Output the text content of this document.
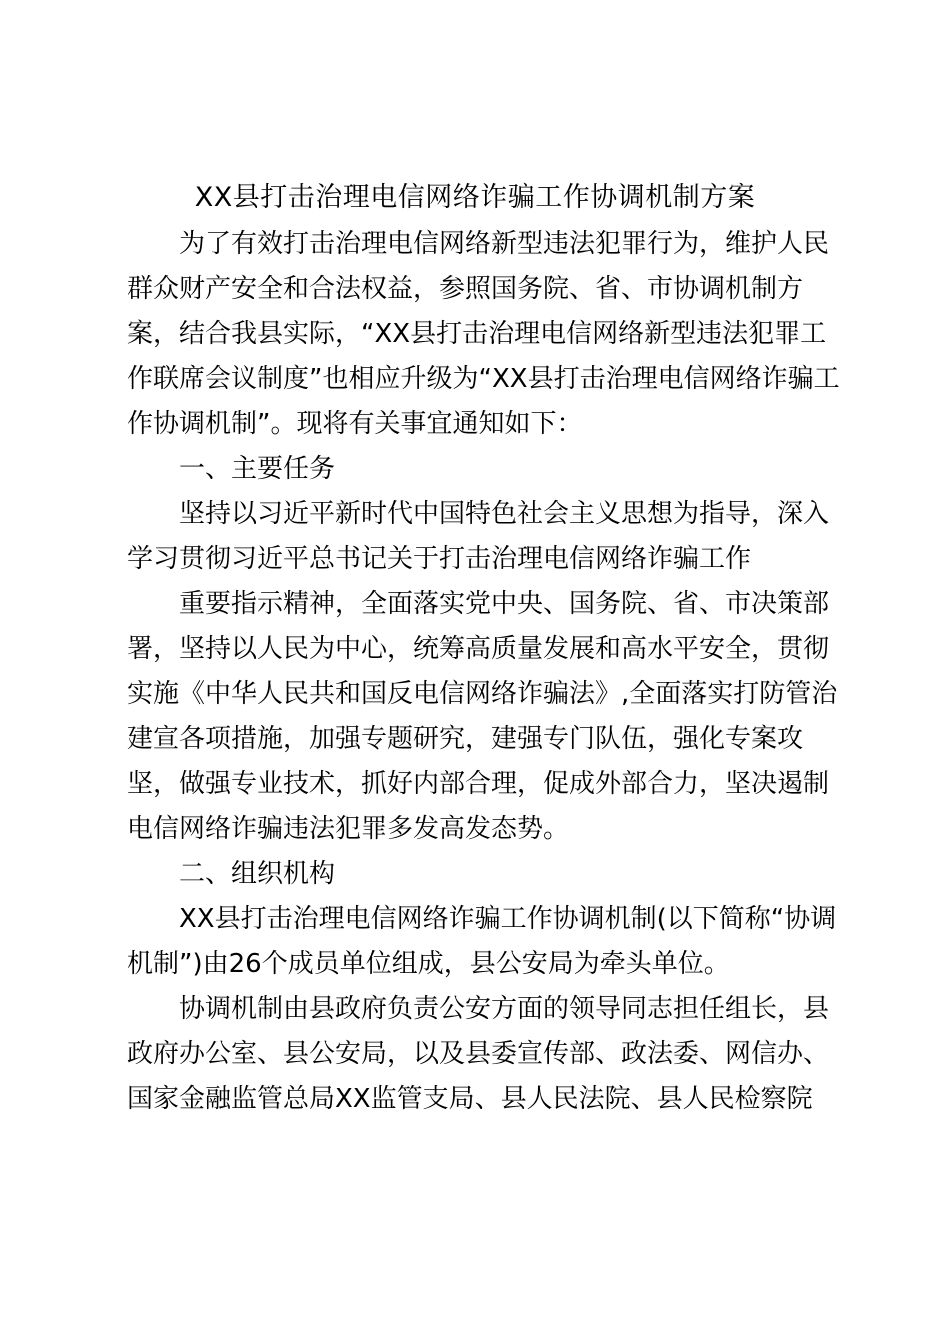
XX县打击治理电信网络诈骗工作协调机制方案
为了有效打击治理电信网络新型违法犯罪行为，维护人民
群众财产安全和合法权益，参照国务院、省、市协调机制方
案，结合我县实际，“XX县打击治理电信网络新型违法犯罪工
作联席会议制度”也相应升级为“XX县打击治理电信网络诈骗工
作协调机制”。现将有关事宜通知如下：
一、主要任务
坚持以习近平新时代中国特色社会主义思想为指导，深入
学习贯彻习近平总书记关于打击治理电信网络诈骗工作
重要指示精神，全面落实党中央、国务院、省、市决策部
署，坚持以人民为中心，统筹高质量发展和高水平安全，贯彻
实施《中华人民共和国反电信网络诈骗法》,全面落实打防管治
建宣各项措施，加强专题研究，建强专门队伍，强化专案攻
坚，做强专业技术，抓好内部合理，促成外部合力，坚决遏制
电信网络诈骗违法犯罪多发高发态势。
二、组织机构
XX县打击治理电信网络诈骗工作协调机制(以下简称“协调
机制”)由26个成员单位组成，县公安局为牵头单位。
协调机制由县政府负责公安方面的领导同志担任组长，县
政府办公室、县公安局，以及县委宣传部、政法委、网信办、
国家金融监管总局XX监管支局、县人民法院、县人民检察院
